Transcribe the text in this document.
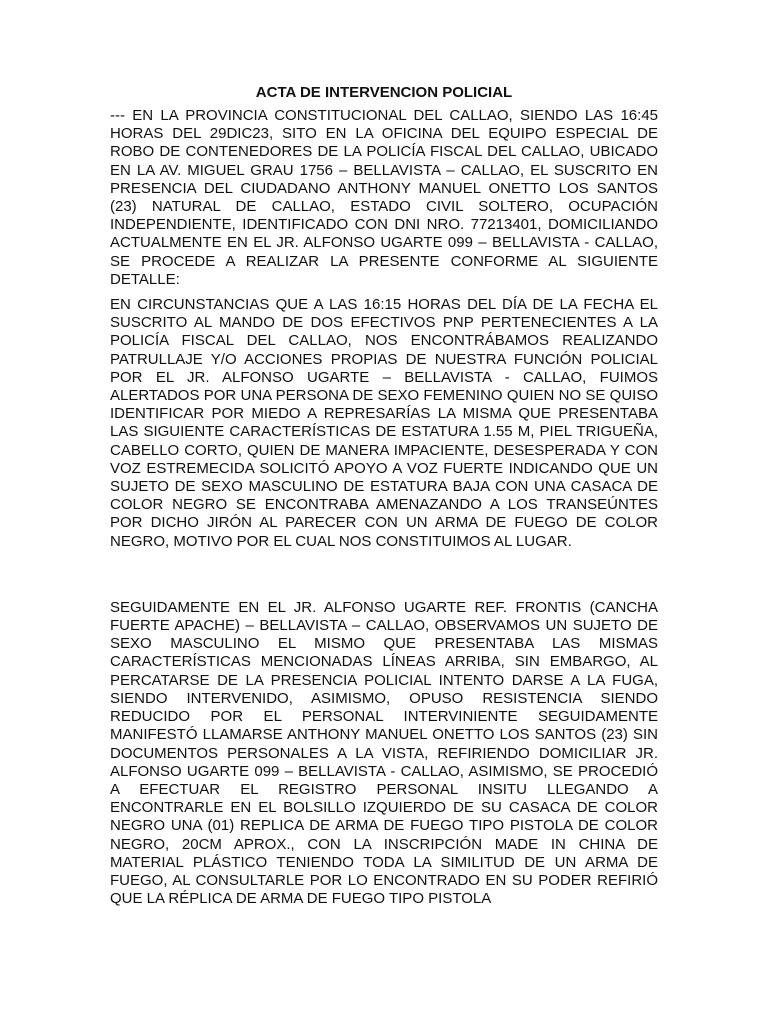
ACTA DE INTERVENCION POLICIAL
--- EN LA PROVINCIA CONSTITUCIONAL DEL CALLAO, SIENDO LAS 16:45 HORAS DEL 29DIC23, SITO EN LA OFICINA DEL EQUIPO ESPECIAL DE ROBO DE CONTENEDORES DE LA POLICÍA FISCAL DEL CALLAO, UBICADO EN LA AV. MIGUEL GRAU 1756 – BELLAVISTA – CALLAO, EL SUSCRITO EN PRESENCIA DEL CIUDADANO ANTHONY MANUEL ONETTO LOS SANTOS (23) NATURAL DE CALLAO, ESTADO CIVIL SOLTERO, OCUPACIÓN INDEPENDIENTE, IDENTIFICADO CON DNI NRO. 77213401, DOMICILIANDO ACTUALMENTE EN EL JR. ALFONSO UGARTE 099 – BELLAVISTA - CALLAO, SE PROCEDE A REALIZAR LA PRESENTE CONFORME AL SIGUIENTE DETALLE:
EN CIRCUNSTANCIAS QUE A LAS 16:15 HORAS DEL DÍA DE LA FECHA EL SUSCRITO AL MANDO DE DOS EFECTIVOS PNP PERTENECIENTES A LA POLICÍA FISCAL DEL CALLAO, NOS ENCONTRÁBAMOS REALIZANDO PATRULLAJE Y/O ACCIONES PROPIAS DE NUESTRA FUNCIÓN POLICIAL POR EL JR. ALFONSO UGARTE – BELLAVISTA - CALLAO, FUIMOS ALERTADOS POR UNA PERSONA DE SEXO FEMENINO QUIEN NO SE QUISO IDENTIFICAR POR MIEDO A REPRESARÍAS LA MISMA QUE PRESENTABA LAS SIGUIENTE CARACTERÍSTICAS DE ESTATURA 1.55 M, PIEL TRIGUEÑA, CABELLO CORTO, QUIEN DE MANERA IMPACIENTE, DESESPERADA Y CON VOZ ESTREMECIDA SOLICITÓ APOYO A VOZ FUERTE INDICANDO QUE UN SUJETO DE SEXO MASCULINO DE ESTATURA BAJA CON UNA CASACA DE COLOR NEGRO SE ENCONTRABA AMENAZANDO A LOS TRANSEÚNTES POR DICHO JIRÓN AL PARECER CON UN ARMA DE FUEGO DE COLOR NEGRO, MOTIVO POR EL CUAL NOS CONSTITUIMOS AL LUGAR.
SEGUIDAMENTE EN EL JR. ALFONSO UGARTE REF. FRONTIS (CANCHA FUERTE APACHE) – BELLAVISTA – CALLAO, OBSERVAMOS UN SUJETO DE SEXO MASCULINO EL MISMO QUE PRESENTABA LAS MISMAS CARACTERÍSTICAS MENCIONADAS LÍNEAS ARRIBA, SIN EMBARGO, AL PERCATARSE DE LA PRESENCIA POLICIAL INTENTO DARSE A LA FUGA, SIENDO INTERVENIDO, ASIMISMO, OPUSO RESISTENCIA SIENDO REDUCIDO POR EL PERSONAL INTERVINIENTE SEGUIDAMENTE MANIFESTÓ LLAMARSE ANTHONY MANUEL ONETTO LOS SANTOS (23) SIN DOCUMENTOS PERSONALES A LA VISTA, REFIRIENDO DOMICILIAR JR. ALFONSO UGARTE 099 – BELLAVISTA - CALLAO, ASIMISMO, SE PROCEDIÓ A EFECTUAR EL REGISTRO PERSONAL INSITU LLEGANDO A ENCONTRARLE EN EL BOLSILLO IZQUIERDO DE SU CASACA DE COLOR NEGRO UNA (01) REPLICA DE ARMA DE FUEGO TIPO PISTOLA DE COLOR NEGRO, 20CM APROX., CON LA INSCRIPCIÓN MADE IN CHINA DE MATERIAL PLÁSTICO TENIENDO TODA LA SIMILITUD DE UN ARMA DE FUEGO, AL CONSULTARLE POR LO ENCONTRADO EN SU PODER REFIRIÓ QUE LA RÉPLICA DE ARMA DE FUEGO TIPO PISTOLA
